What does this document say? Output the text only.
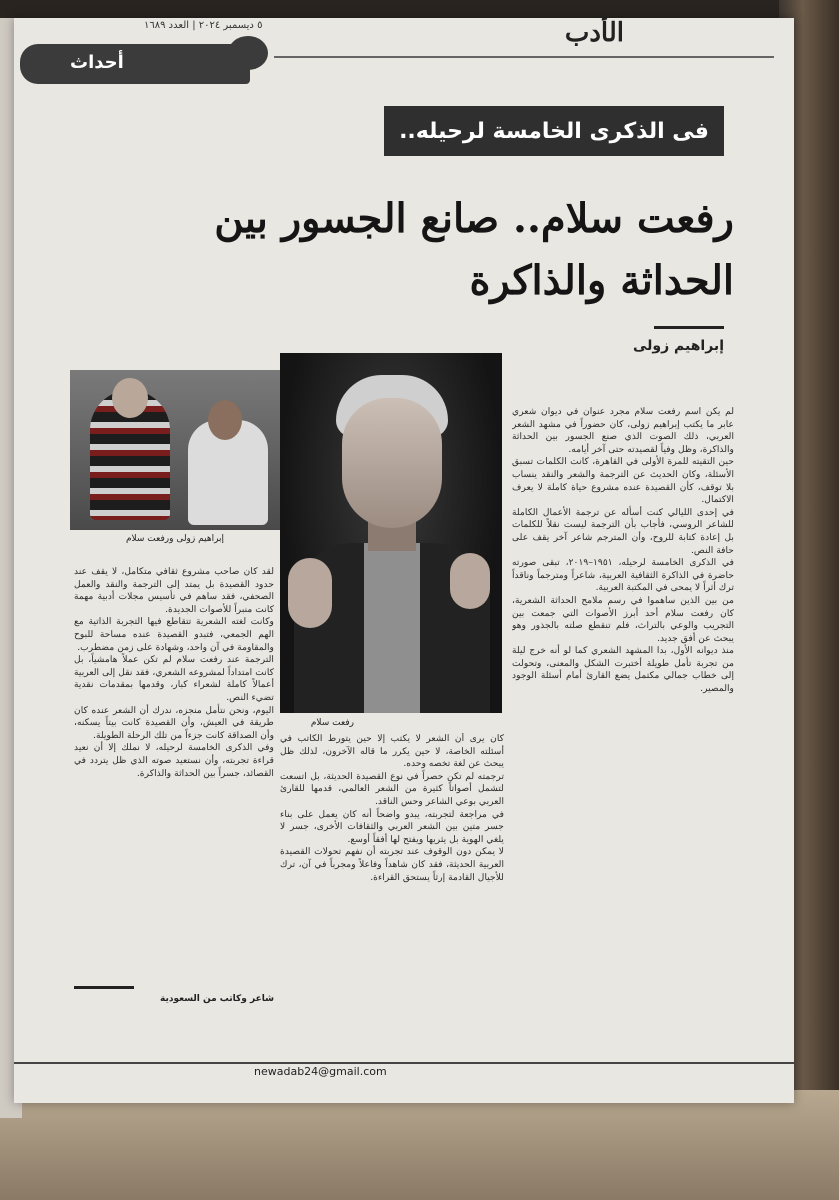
٥ ديسمبر ٢٠٢٤ | العدد ١٦٨٩	الأدب
أحداث
فى الذكرى الخامسة لرحيله..
رفعت سلام.. صانع الجسور بين الحداثة والذاكرة
إبراهيم زولى
إبراهيم زولى ورفعت سلام
رفعت سلام

لم يكن اسم رفعت سلام مجرد عنوان في ديوان شعري عابر ما يكتب إبراهيم زولى، كان حضوراً في مشهد الشعر العربي، ذلك الصوت الذي صنع الجسور بين الحداثة والذاكرة، وظل وفياً لقصيدته حتى آخر أيامه.

حين التقيته للمرة الأولى في القاهرة، كانت الكلمات تسبق الأسئلة، وكان الحديث عن الترجمة والشعر والنقد ينساب بلا توقف، كأن القصيدة عنده مشروع حياة كاملة لا يعرف الاكتمال.

في إحدى الليالي كنت أسأله عن ترجمة الأعمال الكاملة للشاعر الروسي، فأجاب بأن الترجمة ليست نقلاً للكلمات بل إعادة كتابة للروح، وأن المترجم شاعر آخر يقف على حافة النص.

في الذكرى الخامسة لرحيله، ١٩٥١–٢٠١٩، تبقى صورته حاضرة في الذاكرة الثقافية العربية، شاعراً ومترجماً وناقداً ترك أثراً لا يمحى في المكتبة العربية.

من بين الذين ساهموا في رسم ملامح الحداثة الشعرية، كان رفعت سلام أحد أبرز الأصوات التي جمعت بين التجريب والوعي بالتراث، فلم تنقطع صلته بالجذور وهو يبحث عن أفق جديد.

منذ ديوانه الأول، بدا المشهد الشعري كما لو أنه خرج ليلة من تجربة تأمل طويلة أختبرت الشكل والمعنى، وتحولت إلى خطاب جمالي مكتمل يضع القارئ أمام أسئلة الوجود والمصير.

لقد كان صاحب مشروع ثقافي متكامل، لا يقف عند حدود القصيدة بل يمتد إلى الترجمة والنقد والعمل الصحفي، فقد ساهم في تأسيس مجلات أدبية مهمة كانت منبراً للأصوات الجديدة.

وكانت لغته الشعرية تتقاطع فيها التجربة الذاتية مع الهم الجمعي، فتبدو القصيدة عنده مساحة للبوح والمقاومة في آن واحد، وشهادة على زمن مضطرب.

الترجمة عند رفعت سلام لم تكن عملاً هامشياً، بل كانت امتداداً لمشروعه الشعري، فقد نقل إلى العربية أعمالاً كاملة لشعراء كبار، وقدمها بمقدمات نقدية تضيء النص.

اليوم، ونحن نتأمل منجزه، ندرك أن الشعر عنده كان طريقة في العيش، وأن القصيدة كانت بيتاً يسكنه، وأن الصداقة كانت جزءاً من تلك الرحلة الطويلة.

وفي الذكرى الخامسة لرحيله، لا نملك إلا أن نعيد قراءة تجربته، وأن نستعيد صوته الذي ظل يتردد في القصائد، جسراً بين الحداثة والذاكرة.

كان يرى أن الشعر لا يكتب إلا حين يتورط الكاتب في أسئلته الخاصة، لا حين يكرر ما قاله الآخرون، لذلك ظل يبحث عن لغة تخصه وحده.

ترجمته لم تكن حصراً في نوع القصيدة الحديثة، بل اتسعت لتشمل أصواتاً كثيرة من الشعر العالمي، قدمها للقارئ العربي بوعي الشاعر وحس الناقد.

في مراجعة لتجربته، يبدو واضحاً أنه كان يعمل على بناء جسر متين بين الشعر العربي والثقافات الأخرى، جسر لا يلغي الهوية بل يثريها ويفتح لها أفقاً أوسع.

لا يمكن دون الوقوف عند تجربته أن نفهم تحولات القصيدة العربية الحديثة، فقد كان شاهداً وفاعلاً ومجرباً في آن، ترك للأجيال القادمة إرثاً يستحق القراءة.

شاعر وكاتب من السعودية
newadab24@gmail.com
